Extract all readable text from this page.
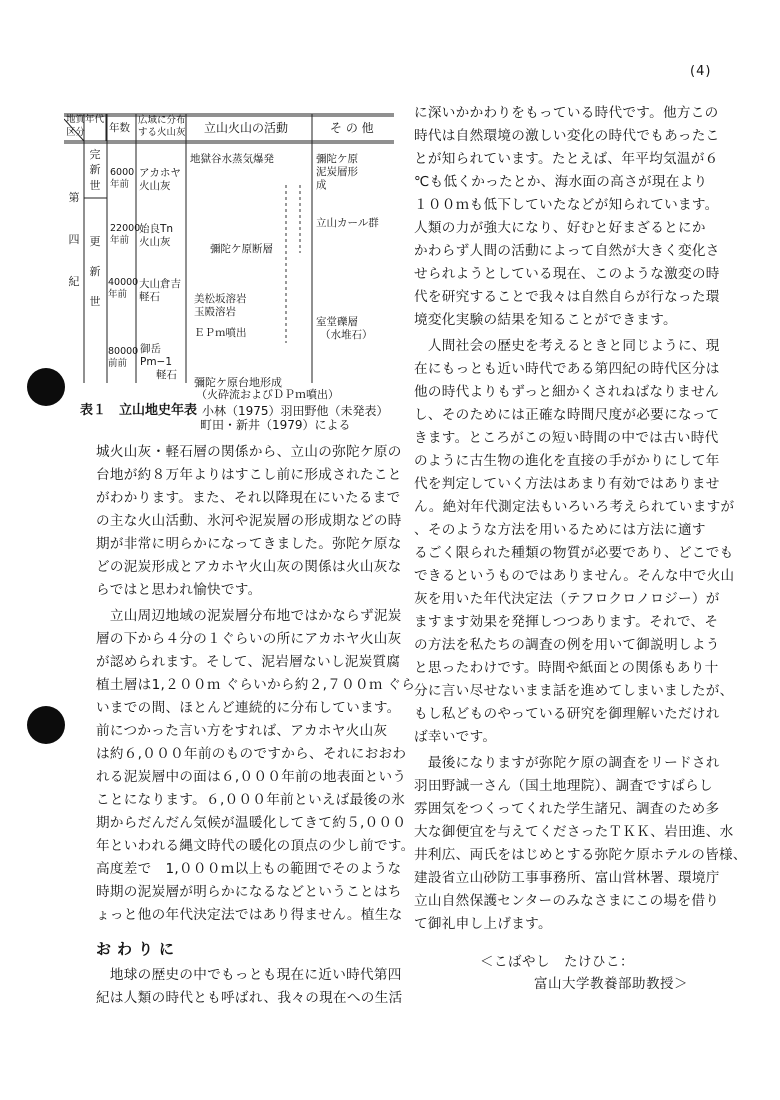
(4)
地質年代
区分 年数
広域に分布
する火山灰 立山火山の活動	そ の 他
第
四
紀
完
新
世
更
新
世
6000
年前
22000
年前
40000
年前
80000
前前
アカホヤ
火山灰
始良Tn
火山灰
大山倉吉
軽石
御岳
Pm−1
軽石
地獄谷水蒸気爆発
彌陀ケ原断層
美松坂溶岩
玉殿溶岩
ＥＰｍ噴出
彌陀ケ原台地形成
彌陀ケ原
泥炭層形
成
立山カール群
室堂礫層
（水堆石）
（火砕流およびＤＰｍ噴出）
表１　立山地史年表 小林（1975）羽田野他（未発表）
町田・新井（1979）による
城火山灰・軽石層の関係から、立山の弥陀ケ原の
台地が約８万年よりはすこし前に形成されたこと
がわかります。また、それ以降現在にいたるまで
の主な火山活動、氷河や泥炭層の形成期などの時
期が非常に明らかになってきました。弥陀ケ原な
どの泥炭形成とアカホヤ火山灰の関係は火山灰な
らではと思われ愉快です。
　立山周辺地域の泥炭層分布地ではかならず泥炭
層の下から４分の１ぐらいの所にアカホヤ火山灰
が認められます。そして、泥岩層ないし泥炭質腐
植土層は1,２００ｍ ぐらいから約２,７００ｍ ぐら
いまでの間、ほとんど連続的に分布しています。
前につかった言い方をすれば、アカホヤ火山灰
は約６,０００年前のものですから、それにおおわ
れる泥炭層中の面は６,０００年前の地表面という
ことになります。６,０００年前といえば最後の氷
期からだんだん気候が温暖化してきて約５,０００
年といわれる縄文時代の暖化の頂点の少し前です。
高度差で　1,０００ｍ以上もの範囲でそのような
時期の泥炭層が明らかになるなどということはち
ょっと他の年代決定法ではあり得ません。植生な
おわりに
　地球の歴史の中でもっとも現在に近い時代第四
紀は人類の時代とも呼ばれ、我々の現在への生活
に深いかかわりをもっている時代です。他方この
時代は自然環境の激しい変化の時代でもあったこ
とが知られています。たとえば、年平均気温が６
℃も低くかったとか、海水面の高さが現在より
１００ｍも低下していたなどが知られています。
人類の力が強大になり、好むと好まざるとにか
かわらず人間の活動によって自然が大きく変化さ
せられようとしている現在、このような激変の時
代を研究することで我々は自然自らが行なった環
境変化実験の結果を知ることができます。
　人間社会の歴史を考えるときと同じように、現
在にもっとも近い時代である第四紀の時代区分は
他の時代よりもずっと細かくされねばなりません
し、そのためには正確な時間尺度が必要になって
きます。ところがこの短い時間の中では古い時代
のように古生物の進化を直接の手がかりにして年
代を判定していく方法はあまり有効ではありませ
ん。絶対年代測定法もいろいろ考えられていますが
、そのような方法を用いるためには方法に適す
るごく限られた種類の物質が必要であり、どこでも
できるというものではありません。そんな中で火山
灰を用いた年代決定法（テフロクロノロジー）が
ますます効果を発揮しつつあります。それで、そ
の方法を私たちの調査の例を用いて御説明しよう
と思ったわけです。時間や紙面との関係もあり十
分に言い尽せないまま話を進めてしまいましたが、
もし私どものやっている研究を御理解いただけれ
ば幸いです。
　最後になりますが弥陀ケ原の調査をリードされ
羽田野誠一さん（国土地理院）、調査ですばらし
雰囲気をつくってくれた学生諸兄、調査のため多
大な御便宜を与えてくださったＴＫＫ、岩田進、水
井利広、両氏をはじめとする弥陀ケ原ホテルの皆様、
建設省立山砂防工事事務所、富山営林署、環境庁
立山自然保護センターのみなさまにこの場を借り
て御礼申し上げます。
＜こばやし　たけひこ：
富山大学教養部助教授＞
